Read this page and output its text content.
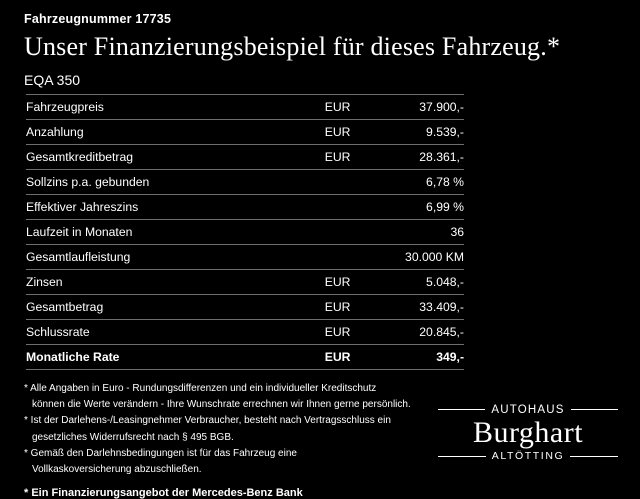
Fahrzeugnummer 17735
Unser Finanzierungsbeispiel für dieses Fahrzeug.*
EQA 350
Fahrzeugpreis	EUR	37.900,-
Anzahlung	EUR	9.539,-
Gesamtkreditbetrag	EUR	28.361,-
Sollzins p.a. gebunden		6,78 %
Effektiver Jahreszins		6,99 %
Laufzeit in Monaten		36
Gesamtlaufleistung		30.000 KM
Zinsen	EUR	5.048,-
Gesamtbetrag	EUR	33.409,-
Schlussrate	EUR	20.845,-
Monatliche Rate	EUR	349,-

* Alle Angaben in Euro - Rundungsdifferenzen und ein individueller Kreditschutz

können die Werte verändern - Ihre Wunschrate errechnen wir Ihnen gerne persönlich.

* Ist der Darlehens-/Leasingnehmer Verbraucher, besteht nach Vertragsschluss ein

gesetzliches Widerrufsrecht nach § 495 BGB.

* Gemäß den Darlehnsbedingungen ist für das Fahrzeug eine

Vollkaskoversicherung abzuschließen.

* Ein Finanzierungsangebot der Mercedes-Benz Bank
AUTOHAUS
Burghart
ALTÖTTING
